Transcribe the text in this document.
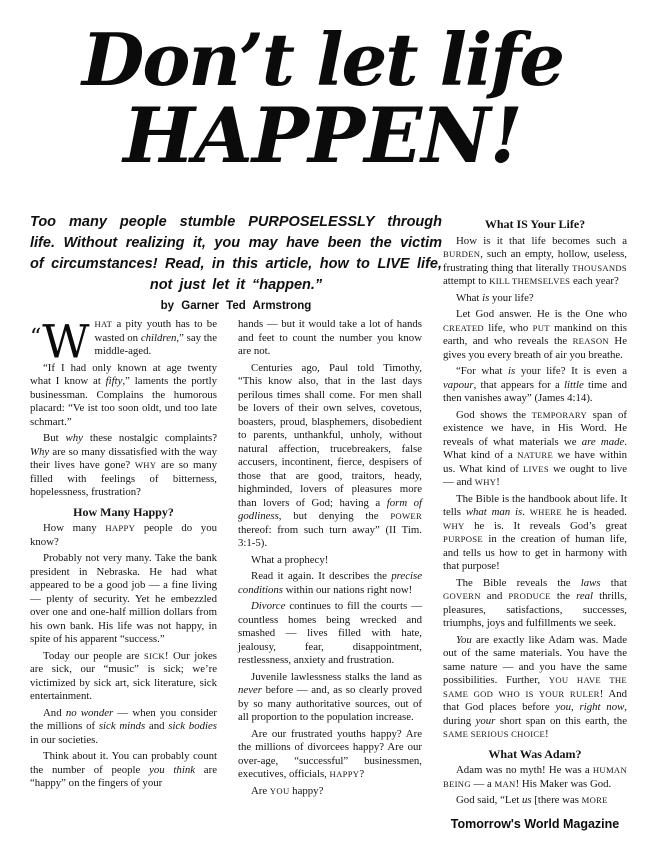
Don’t let life
HAPPEN!
Too many people stumble PURPOSELESSLY through life. Without realizing it, you may have been the victim of circumstances! Read, in this article, how to LIVE life, not just let it “happen.”
by Garner Ted Armstrong

“W HAT a pity youth has to be wasted on children,” say the middle-aged.

“If I had only known at age twenty what I know at fifty,” laments the portly businessman. Complains the humorous placard: “Ve ist too soon oldt, und too late schmart.”

But why these nostalgic complaints? Why are so many dissatisfied with the way their lives have gone? WHY are so many filled with feelings of bitterness, hopelessness, frustration?

How Many Happy?

How many HAPPY people do you know?

Probably not very many. Take the bank president in Nebraska. He had what appeared to be a good job — a fine living — plenty of security. Yet he embezzled over one and one-half million dollars from his own bank. His life was not happy, in spite of his apparent “success.”

Today our people are SICK! Our jokes are sick, our “music” is sick; we’re victimized by sick art, sick literature, sick entertainment.

And no wonder — when you consider the millions of sick minds and sick bodies in our societies.

Think about it. You can probably count the number of people you think are “happy” on the fingers of your

hands — but it would take a lot of hands and feet to count the number you know are not.

Centuries ago, Paul told Timothy, “This know also, that in the last days perilous times shall come. For men shall be lovers of their own selves, covetous, boasters, proud, blasphemers, disobedient to parents, unthankful, unholy, without natural affection, trucebreakers, false accusers, incontinent, fierce, despisers of those that are good, traitors, heady, highminded, lovers of pleasures more than lovers of God; having a form of godliness, but denying the POWER thereof: from such turn away” (II Tim. 3:1-5).

What a prophecy!

Read it again. It describes the precise conditions within our nations right now!

Divorce continues to fill the courts — countless homes being wrecked and smashed — lives filled with hate, jealousy, fear, disappointment, restlessness, anxiety and frustration.

Juvenile lawlessness stalks the land as never before — and, as so clearly proved by so many authoritative sources, out of all proportion to the population increase.

Are our frustrated youths happy? Are the millions of divorcees happy? Are our over-age, “successful” businessmen, executives, officials, HAPPY?

Are YOU happy?

What IS Your Life?

How is it that life becomes such a BURDEN, such an empty, hollow, useless, frustrating thing that literally THOUSANDS attempt to KILL THEMSELVES each year?

What is your life?

Let God answer. He is the One who CREATED life, who PUT mankind on this earth, and who reveals the REASON He gives you every breath of air you breathe.

“For what is your life? It is even a vapour, that appears for a little time and then vanishes away” (James 4:14).

God shows the TEMPORARY span of existence we have, in His Word. He reveals of what materials we are made. What kind of a NATURE we have within us. What kind of LIVES we ought to live — and WHY!

The Bible is the handbook about life. It tells what man is. WHERE he is headed. WHY he is. It reveals God’s great PURPOSE in the creation of human life, and tells us how to get in harmony with that purpose!

The Bible reveals the laws that GOVERN and PRODUCE the real thrills, pleasures, satisfactions, successes, triumphs, joys and fulfillments we seek.

You are exactly like Adam was. Made out of the same materials. You have the same nature — and you have the same possibilities. Further, YOU HAVE THE SAME GOD WHO IS YOUR RULER! And that God places before you, right now, during your short span on this earth, the SAME SERIOUS CHOICE!

What Was Adam?

Adam was no myth! He was a HUMAN BEING — a MAN! His Maker was God.

God said, “Let us [there was MORE

Tomorrow's World Magazine
